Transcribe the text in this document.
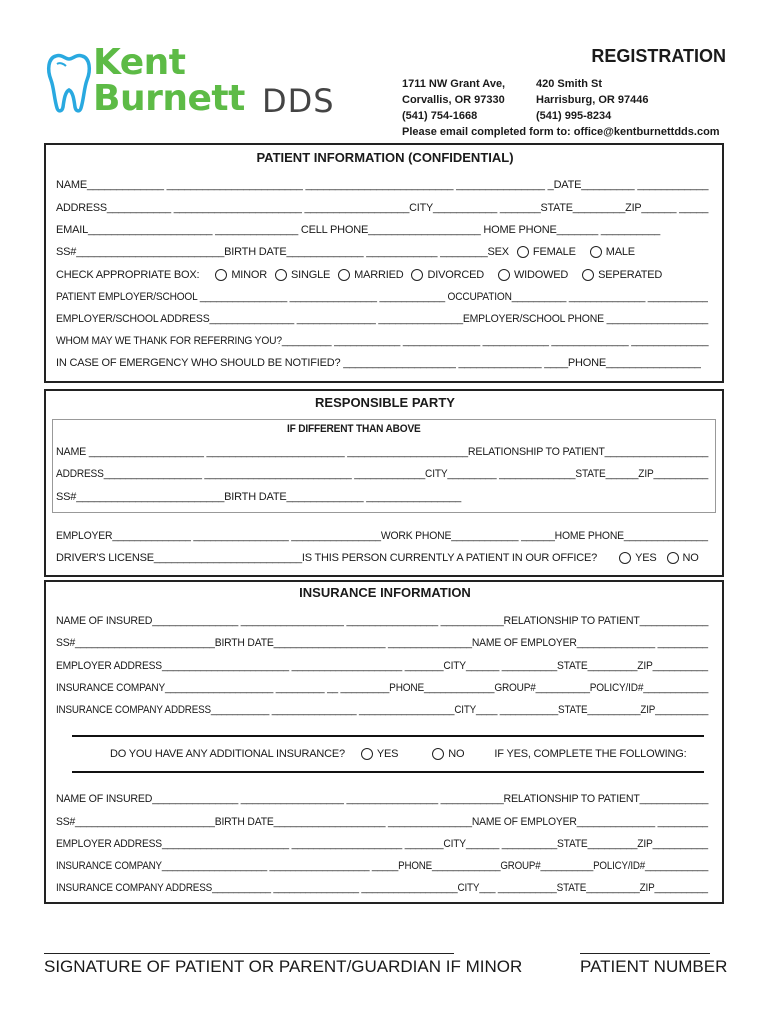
Kent
Burnett DDS
REGISTRATION
1711 NW Grant Ave,
Corvallis, OR 97330
(541) 754-1668
420 Smith St
Harrisburg, OR 97446
(541) 995-8234
Please email completed form to: office@kentburnettdds.com
PATIENT INFORMATION (CONFIDENTIAL)
NAME_____________ _______________________ _________________________ _______________ _DATE_________ ____________
ADDRESS___________ ______________________ __________________CITY___________ _______STATE_________ZIP______ _____
EMAIL_____________________ ______________ CELL PHONE___________________ HOME PHONE_______ __________
SS#_________________________BIRTH DATE_____________ ____________ ________SEX FEMALE	MALE
CHECK APPROPRIATE BOX:	MINOR SINGLE MARRIED DIVORCED	WIDOWED	SEPERATED
PATIENT EMPLOYER/SCHOOL ________________ ________________ ____________ OCCUPATION__________ ______________ ___________
EMPLOYER/SCHOOL ADDRESS_______________ ______________ _______________EMPLOYER/SCHOOL PHONE __________________
WHOM MAY WE THANK FOR REFERRING YOU?_________ ____________ ______________ ____________ ______________ ______________
IN CASE OF EMERGENCY WHO SHOULD BE NOTIFIED? ___________________ ______________ ____PHONE________________
RESPONSIBLE PARTY
IF DIFFERENT THAN ABOVE
NAME ____________________ ________________________ _____________________RELATIONSHIP TO PATIENT__________________
ADDRESS__________________ ___________________________ _____________CITY_________ ______________STATE______ZIP__________
SS#_________________________BIRTH DATE_____________ ________________
EMPLOYER______________ _________________ ________________WORK PHONE____________ ______HOME PHONE_______________
DRIVER'S LICENSE_________________________IS THIS PERSON CURRENTLY A PATIENT IN OUR OFFICE?	YES NO
INSURANCE INFORMATION
NAME OF INSURED_______________ __________________ ________________ ___________RELATIONSHIP TO PATIENT____________
SS#_________________________BIRTH DATE____________________ _______________NAME OF EMPLOYER______________ _________
EMPLOYER ADDRESS_______________________ ____________________ _______CITY______ __________STATE_________ZIP__________
INSURANCE COMPANY____________________ _________ __ _________PHONE_____________GROUP#__________POLICY/ID#____________
INSURANCE COMPANY ADDRESS___________ ________________ __________________CITY____ ___________STATE__________ZIP__________
DO YOU HAVE ANY ADDITIONAL INSURANCE?	YES	NO	IF YES, COMPLETE THE FOLLOWING:
NAME OF INSURED_______________ __________________ ________________ ___________RELATIONSHIP TO PATIENT____________
SS#_________________________BIRTH DATE____________________ _______________NAME OF EMPLOYER______________ _________
EMPLOYER ADDRESS_______________________ ____________________ _______CITY______ __________STATE_________ZIP__________
INSURANCE COMPANY____________________ ___________________ _____PHONE_____________GROUP#__________POLICY/ID#____________
INSURANCE COMPANY ADDRESS___________ ________________ __________________CITY___ ___________STATE__________ZIP__________
SIGNATURE OF PATIENT OR PARENT/GUARDIAN IF MINOR	PATIENT NUMBER
